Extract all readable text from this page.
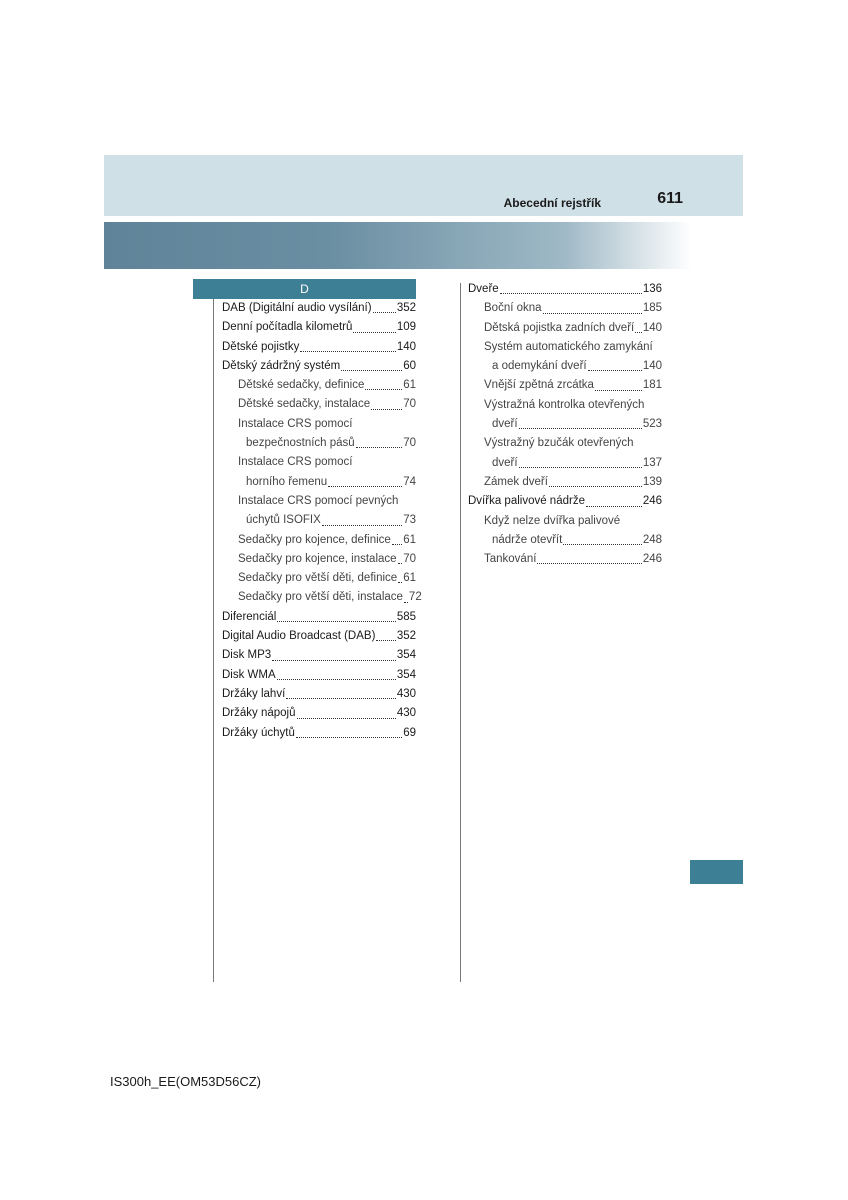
Abecední rejstřík	611
D
DAB (Digitální audio vysílání) 352
Denní počítadla kilometrů	109
Dětské pojistky	140
Dětský zádržný systém	60
Dětské sedačky, definice	61
Dětské sedačky, instalace	70
Instalace CRS pomocí
bezpečnostních pásů	70
Instalace CRS pomocí
horního řemenu	74
Instalace CRS pomocí pevných
úchytů ISOFIX	73
Sedačky pro kojence, definice 61
Sedačky pro kojence, instalace 70
Sedačky pro větší děti, definice 61
Sedačky pro větší děti, instalace 72
Diferenciál	585
Digital Audio Broadcast (DAB) 352
Disk MP3	354
Disk WMA	354
Držáky lahví	430
Držáky nápojů	430
Držáky úchytů	69
Dveře	136
Boční okna	185
Dětská pojistka zadních dveří 140
Systém automatického zamykání
a odemykání dveří	140
Vnější zpětná zrcátka	181
Výstražná kontrolka otevřených
dveří	523
Výstražný bzučák otevřených
dveří	137
Zámek dveří	139
Dvířka palivové nádrže	246
Když nelze dvířka palivové
nádrže otevřít	248
Tankování	246
IS300h_EE(OM53D56CZ)
